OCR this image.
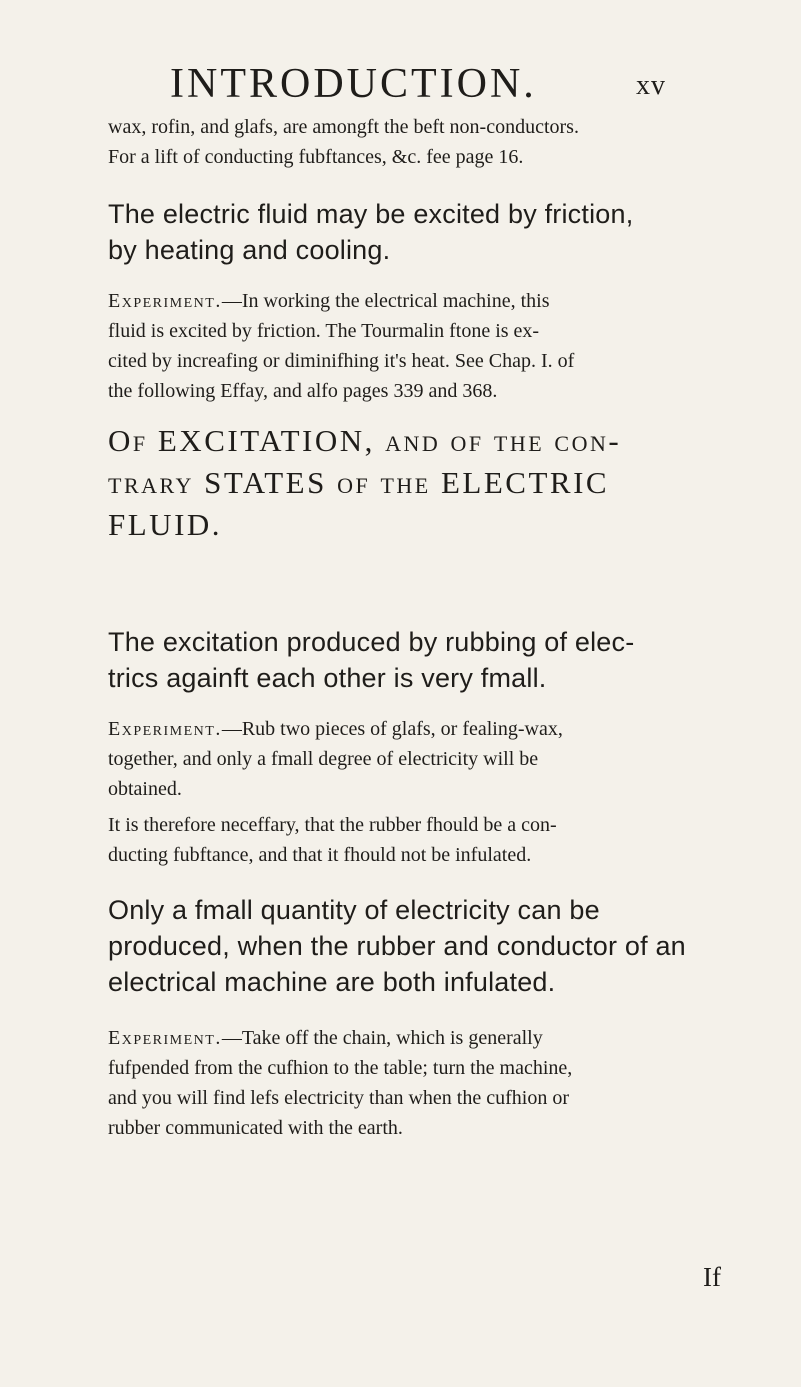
INTRODUCTION.	xv
wax, rofin, and glafs, are amongft the beft non-conductors.
For a lift of conducting fubftances, &c. fee page 16.
The electric fluid may be excited by friction,
by heating and cooling.
Experiment.—In working the electrical machine, this
fluid is excited by friction. The Tourmalin ftone is ex-
cited by increafing or diminifhing it's heat. See Chap. I. of
the following Effay, and alfo pages 339 and 368.
Of EXCITATION, and of the con-
trary STATES of the ELECTRIC
FLUID.
The excitation produced by rubbing of elec-
trics againft each other is very fmall.
Experiment.—Rub two pieces of glafs, or fealing-wax,
together, and only a fmall degree of electricity will be
obtained.
It is therefore neceffary, that the rubber fhould be a con-
ducting fubftance, and that it fhould not be infulated.
Only a fmall quantity of electricity can be
produced, when the rubber and conductor of an
electrical machine are both infulated.
Experiment.—Take off the chain, which is generally
fufpended from the cufhion to the table; turn the machine,
and you will find lefs electricity than when the cufhion or
rubber communicated with the earth.
If
